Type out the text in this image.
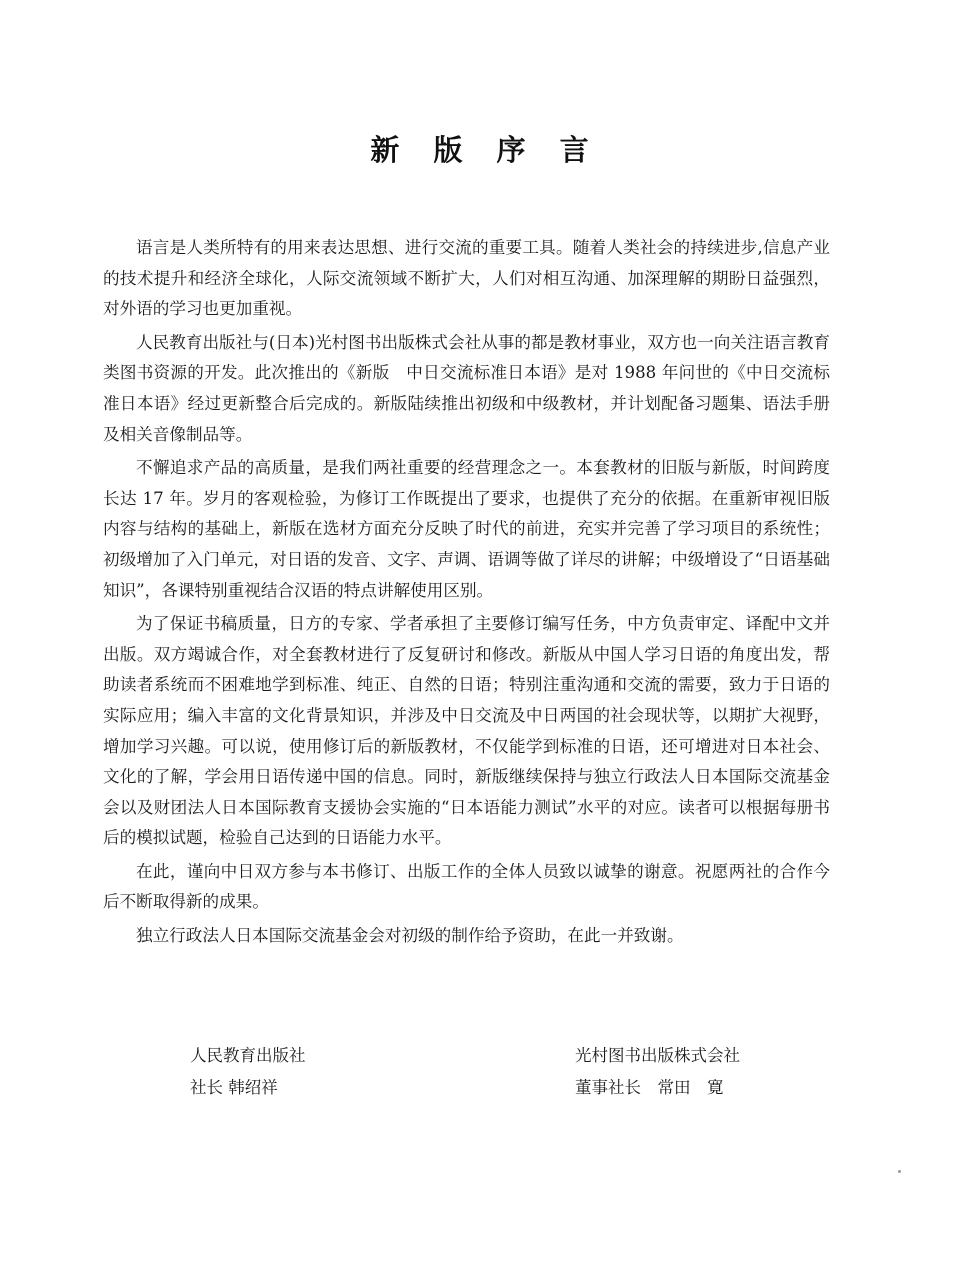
新 版 序 言

语言是人类所特有的用来表达思想、进行交流的重要工具。随着人类社会的持续进步,信息产业的技术提升和经济全球化，人际交流领域不断扩大，人们对相互沟通、加深理解的期盼日益强烈，对外语的学习也更加重视。

人民教育出版社与(日本)光村图书出版株式会社从事的都是教材事业，双方也一向关注语言教育类图书资源的开发。此次推出的《新版　中日交流标准日本语》是对 1988 年问世的《中日交流标准日本语》经过更新整合后完成的。新版陆续推出初级和中级教材，并计划配备习题集、语法手册及相关音像制品等。

不懈追求产品的高质量，是我们两社重要的经营理念之一。本套教材的旧版与新版，时间跨度长达 17 年。岁月的客观检验，为修订工作既提出了要求，也提供了充分的依据。在重新审视旧版内容与结构的基础上，新版在选材方面充分反映了时代的前进，充实并完善了学习项目的系统性；初级增加了入门单元，对日语的发音、文字、声调、语调等做了详尽的讲解；中级增设了“日语基础知识”，各课特别重视结合汉语的特点讲解使用区别。

为了保证书稿质量，日方的专家、学者承担了主要修订编写任务，中方负责审定、译配中文并出版。双方竭诚合作，对全套教材进行了反复研讨和修改。新版从中国人学习日语的角度出发，帮助读者系统而不困难地学到标准、纯正、自然的日语；特别注重沟通和交流的需要，致力于日语的实际应用；编入丰富的文化背景知识，并涉及中日交流及中日两国的社会现状等，以期扩大视野，增加学习兴趣。可以说，使用修订后的新版教材，不仅能学到标准的日语，还可增进对日本社会、文化的了解，学会用日语传递中国的信息。同时，新版继续保持与独立行政法人日本国际交流基金会以及财团法人日本国际教育支援协会实施的“日本语能力测试”水平的对应。读者可以根据每册书后的模拟试题，检验自己达到的日语能力水平。

在此，谨向中日双方参与本书修订、出版工作的全体人员致以诚挚的谢意。祝愿两社的合作今后不断取得新的成果。

独立行政法人日本国际交流基金会对初级的制作给予资助，在此一并致谢。

人民教育出版社
社长 韩绍祥
光村图书出版株式会社
董事社长　常田　寛
